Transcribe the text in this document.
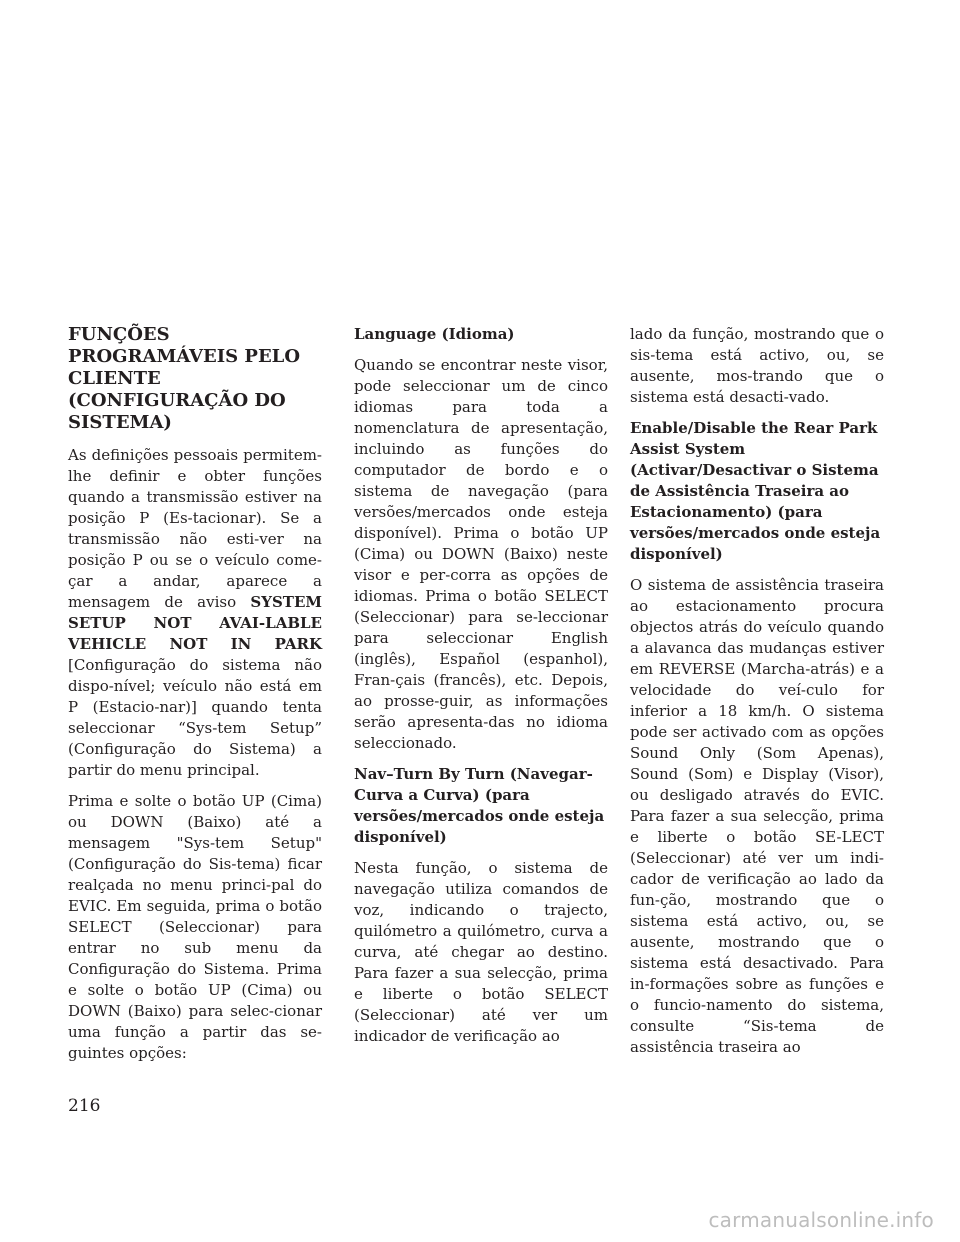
FUNÇÕES PROGRAMÁVEIS PELO CLIENTE (CONFIGURAÇÃO DO SISTEMA)

As definições pessoais permitem-lhe definir e obter funções quando a transmissão estiver na posição P (Es-tacionar). Se a transmissão não esti-ver na posição P ou se o veículo come-çar a andar, aparece a mensagem de aviso SYSTEM SETUP NOT AVAI-LABLE VEHICLE NOT IN PARK [Configuração do sistema não dispo-nível; veículo não está em P (Estacio-nar)] quando tenta seleccionar “Sys-tem Setup” (Configuração do Sistema) a partir do menu principal.

Prima e solte o botão UP (Cima) ou DOWN (Baixo) até a mensagem "Sys-tem Setup" (Configuração do Sis-tema) ficar realçada no menu princi-pal do EVIC. Em seguida, prima o botão SELECT (Seleccionar) para entrar no sub menu da Configuração do Sistema. Prima e solte o botão UP (Cima) ou DOWN (Baixo) para selec-cionar uma função a partir das se-guintes opções:

Language (Idioma)

Quando se encontrar neste visor, pode seleccionar um de cinco idiomas para toda a nomenclatura de apresentação, incluindo as funções do computador de bordo e o sistema de navegação (para versões/mercados onde esteja disponível). Prima o botão UP (Cima) ou DOWN (Baixo) neste visor e per-corra as opções de idiomas. Prima o botão SELECT (Seleccionar) para se-leccionar para seleccionar English (inglês), Español (espanhol), Fran-çais (francês), etc. Depois, ao prosse-guir, as informações serão apresenta-das no idioma seleccionado.

Nav–Turn By Turn (Navegar-Curva a Curva) (para versões/mercados onde esteja disponível)

Nesta função, o sistema de navegação utiliza comandos de voz, indicando o trajecto, quilómetro a quilómetro, curva a curva, até chegar ao destino. Para fazer a sua selecção, prima e liberte o botão SELECT (Seleccionar) até ver um indicador de verificação ao

lado da função, mostrando que o sis-tema está activo, ou, se ausente, mos-trando que o sistema está desacti-vado.

Enable/Disable the Rear Park Assist System (Activar/Desactivar o Sistema de Assistência Traseira ao Estacionamento) (para versões/mercados onde esteja disponível)

O sistema de assistência traseira ao estacionamento procura objectos atrás do veículo quando a alavanca das mudanças estiver em REVERSE (Marcha-atrás) e a velocidade do veí-culo for inferior a 18 km/h. O sistema pode ser activado com as opções Sound Only (Som Apenas), Sound (Som) e Display (Visor), ou desligado através do EVIC. Para fazer a sua selecção, prima e liberte o botão SE-LECT (Seleccionar) até ver um indi-cador de verificação ao lado da fun-ção, mostrando que o sistema está activo, ou, se ausente, mostrando que o sistema está desactivado. Para in-formações sobre as funções e o funcio-namento do sistema, consulte “Sis-tema de assistência traseira ao

216
carmanualsonline.info
